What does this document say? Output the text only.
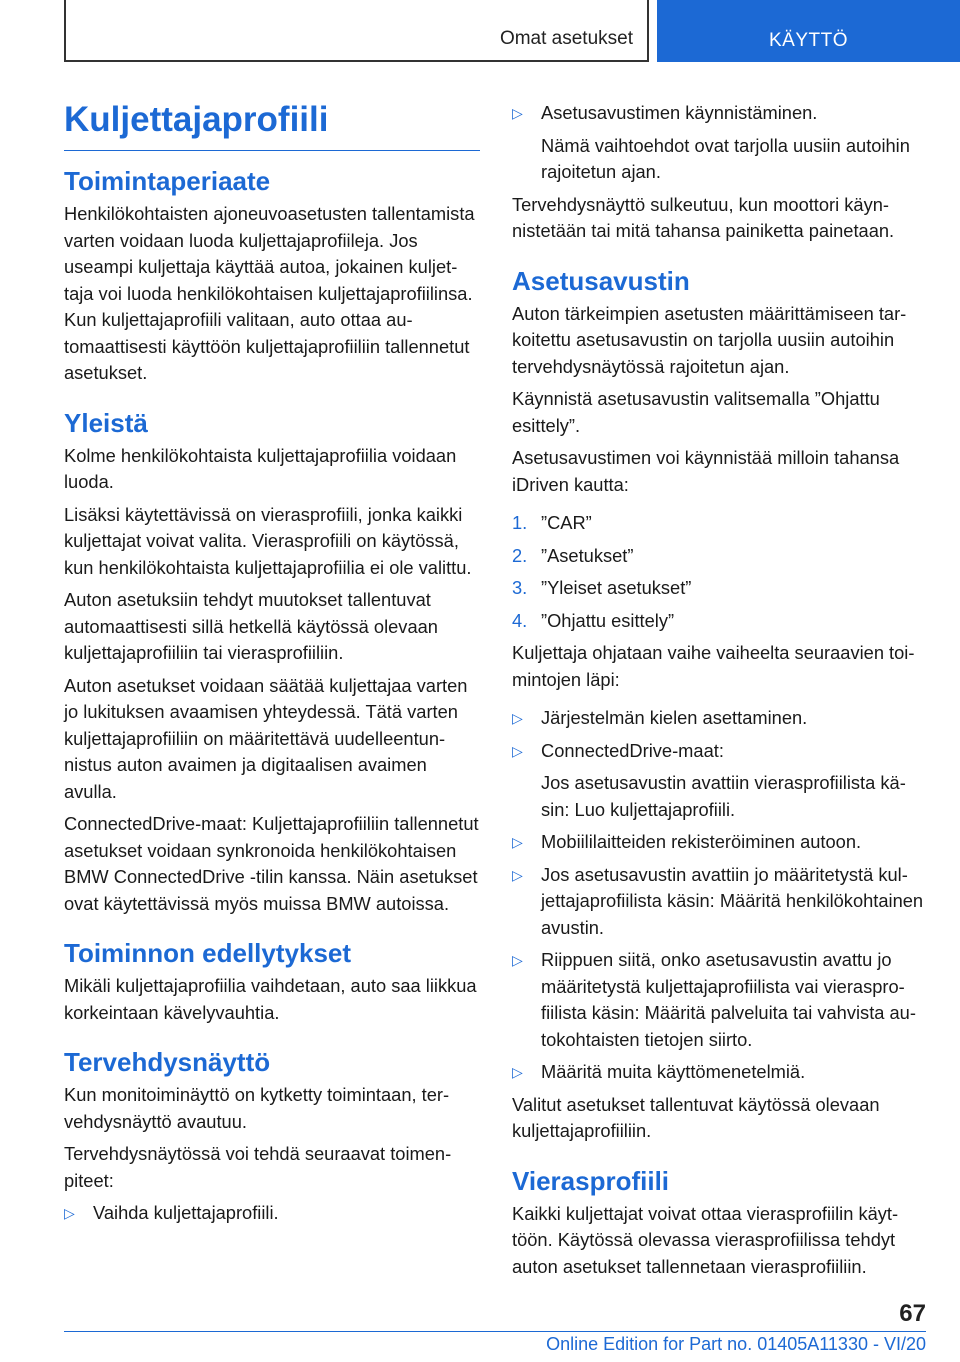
Omat asetukset	KÄYTTÖ
Kuljettajaprofiili
Toimintaperiaate

Henkilökohtaisten ajoneuvoasetusten tallentamista varten voidaan luoda kuljettajaprofiileja. Jos useampi kuljettaja käyttää autoa, jokainen kuljettaja voi luoda henkilökohtaisen kuljettajaprofiilinsa. Kun kuljettajaprofiili valitaan, auto ottaa automaattisesti käyttöön kuljettajaprofiiliin tallennetut asetukset.

Yleistä

Kolme henkilökohtaista kuljettajaprofiilia voidaan luoda.

Lisäksi käytettävissä on vierasprofiili, jonka kaikki kuljettajat voivat valita. Vierasprofiili on käytössä, kun henkilökohtaista kuljettajaprofiilia ei ole valittu.

Auton asetuksiin tehdyt muutokset tallentuvat automaattisesti sillä hetkellä käytössä olevaan kuljettajaprofiiliin tai vierasprofiiliin.

Auton asetukset voidaan säätää kuljettajaa varten jo lukituksen avaamisen yhteydessä. Tätä varten kuljettajaprofiiliin on määritettävä uudelleentunnistus auton avaimen ja digitaalisen avaimen avulla.

ConnectedDrive-maat: Kuljettajaprofiiliin tallennetut asetukset voidaan synkronoida henkilökohtaisen BMW ConnectedDrive -tilin kanssa. Näin asetukset ovat käytettävissä myös muissa BMW autoissa.

Toiminnon edellytykset

Mikäli kuljettajaprofiilia vaihdetaan, auto saa liikkua korkeintaan kävelyvauhtia.

Tervehdysnäyttö

Kun monitoiminäyttö on kytketty toimintaan, tervehdysnäyttö avautuu.

Tervehdysnäytössä voi tehdä seuraavat toimenpiteet:

▷ Vaihda kuljettajaprofiili.
▷ Asetusavustimen käynnistäminen.

Nämä vaihtoehdot ovat tarjolla uusiin autoihin rajoitetun ajan.

Tervehdysnäyttö sulkeutuu, kun moottori käynnistetään tai mitä tahansa painiketta painetaan.

Asetusavustin

Auton tärkeimpien asetusten määrittämiseen tarkoitettu asetusavustin on tarjolla uusiin autoihin tervehdysnäytössä rajoitetun ajan.

Käynnistä asetusavustin valitsemalla ”Ohjattu esittely”.

Asetusavustimen voi käynnistää milloin tahansa iDriven kautta:

1. ”CAR”
2. ”Asetukset”
3. ”Yleiset asetukset”
4. ”Ohjattu esittely”

Kuljettaja ohjataan vaihe vaiheelta seuraavien toimintojen läpi:

▷ Järjestelmän kielen asettaminen.
▷ ConnectedDrive-maat:

Jos asetusavustin avattiin vierasprofiilista käsin: Luo kuljettajaprofiili.

▷ Mobiililaitteiden rekisteröiminen autoon.
▷ Jos asetusavustin avattiin jo määritetystä kuljettajaprofiilista käsin: Määritä henkilökohtainen avustin.
▷ Riippuen siitä, onko asetusavustin avattu jo määritetystä kuljettajaprofiilista vai vierasprofiilista käsin: Määritä palveluita tai vahvista autokohtaisten tietojen siirto.
▷ Määritä muita käyttömenetelmiä.

Valitut asetukset tallentuvat käytössä olevaan kuljettajaprofiiliin.

Vierasprofiili

Kaikki kuljettajat voivat ottaa vierasprofiilin käyttöön. Käytössä olevassa vierasprofiilissa tehdyt auton asetukset tallennetaan vierasprofiiliin.

67
Online Edition for Part no. 01405A11330 - VI/20
